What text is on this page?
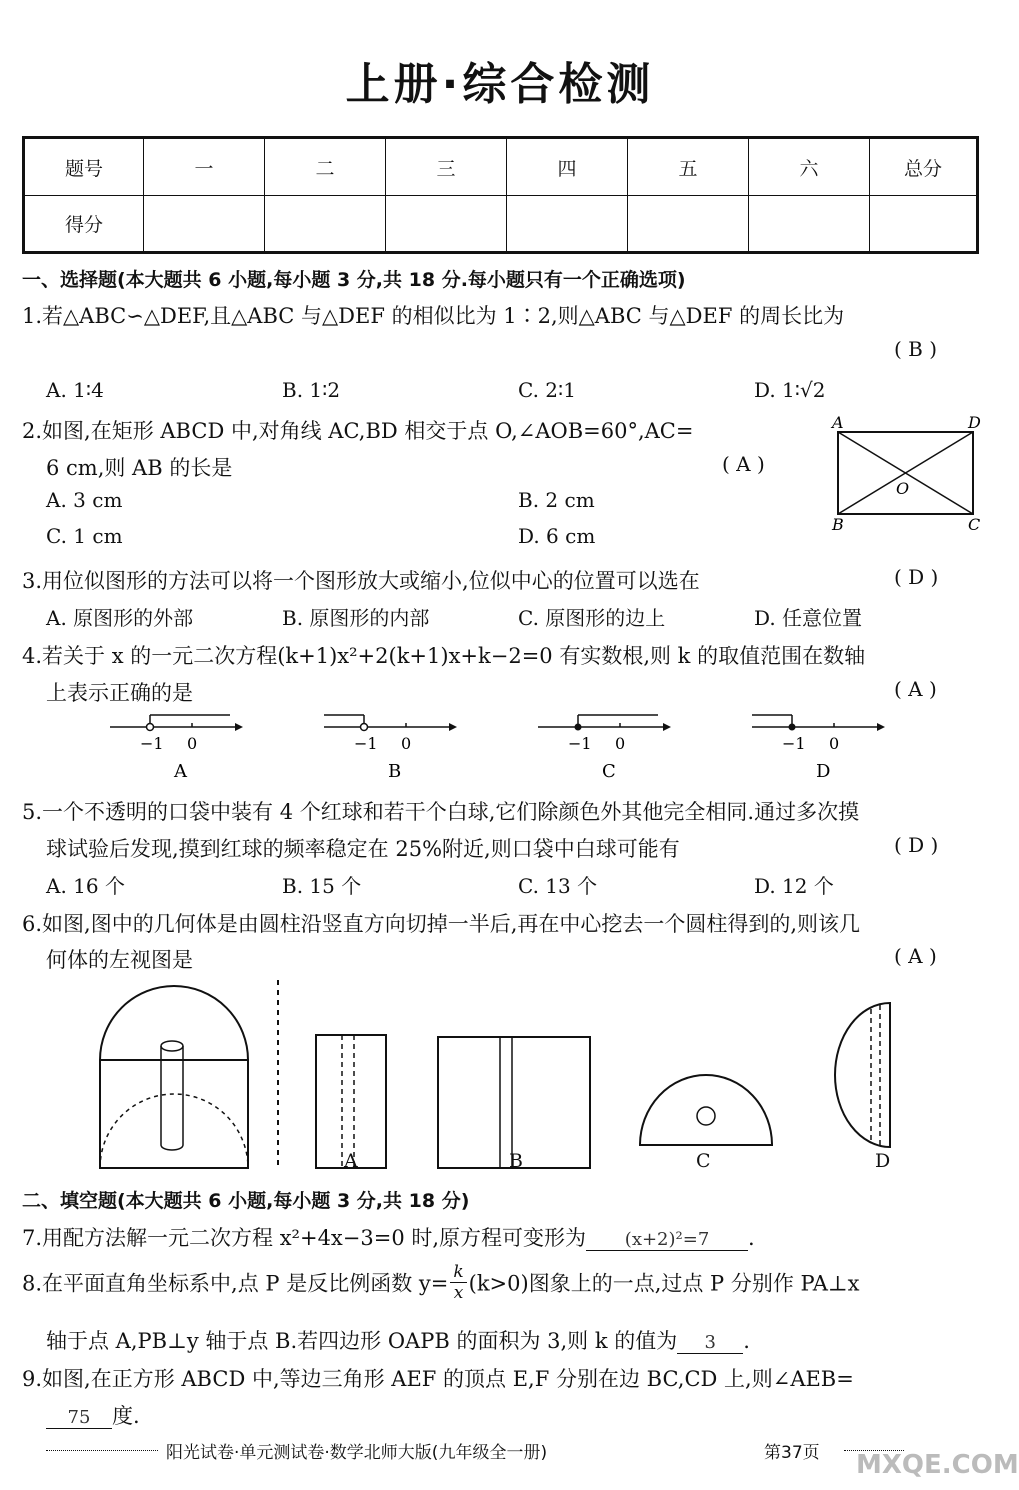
上册·综合检测
题号	一	二	三	四	五	六	总分
得分							
一、选择题(本大题共 6 小题,每小题 3 分,共 18 分.每小题只有一个正确选项)
1.若△ABC∽△DEF,且△ABC 与△DEF 的相似比为 1∶2,则△ABC 与△DEF 的周长比为
( B )
A. 1∶4	B. 1∶2	C. 2∶1	D. 1∶√2
2.如图,在矩形 ABCD 中,对角线 AC,BD 相交于点 O,∠AOB=60°,AC=
6 cm,则 AB 的长是	( A )
A. 3 cm	B. 2 cm
C. 1 cm	D. 6 cm
A	D
O
B	C
3.用位似图形的方法可以将一个图形放大或缩小,位似中心的位置可以选在	( D )
A. 原图形的外部	B. 原图形的内部	C. 原图形的边上	D. 任意位置
4.若关于 x 的一元二次方程(k+1)x²+2(k+1)x+k−2=0 有实数根,则 k 的取值范围在数轴
上表示正确的是	( A )
−1 0
A
−1 0
B
−1 0
C
−1 0
D
5.一个不透明的口袋中装有 4 个红球和若干个白球,它们除颜色外其他完全相同.通过多次摸
球试验后发现,摸到红球的频率稳定在 25%附近,则口袋中白球可能有	( D )
A. 16 个	B. 15 个	C. 13 个	D. 12 个
6.如图,图中的几何体是由圆柱沿竖直方向切掉一半后,再在中心挖去一个圆柱得到的,则该几
何体的左视图是	( A )
A	B	C	D
二、填空题(本大题共 6 小题,每小题 3 分,共 18 分)
7.用配方法解一元二次方程 x²+4x−3=0 时,原方程可变形为 (x+2)²=7 .
8.在平面直角坐标系中,点 P 是反比例函数 $y= \frac{k}{x} (k>0)$图象上的一点,过点 P 分别作 PA⊥x
轴于点 A,PB⊥y 轴于点 B.若四边形 OAPB 的面积为 3,则 k 的值为 3 .
9.如图,在正方形 ABCD 中,等边三角形 AEF 的顶点 E,F 分别在边 BC,CD 上,则∠AEB=
75 度.
阳光试卷·单元测试卷·数学北师大版(九年级全一册)	第37页 MXQE.COM
